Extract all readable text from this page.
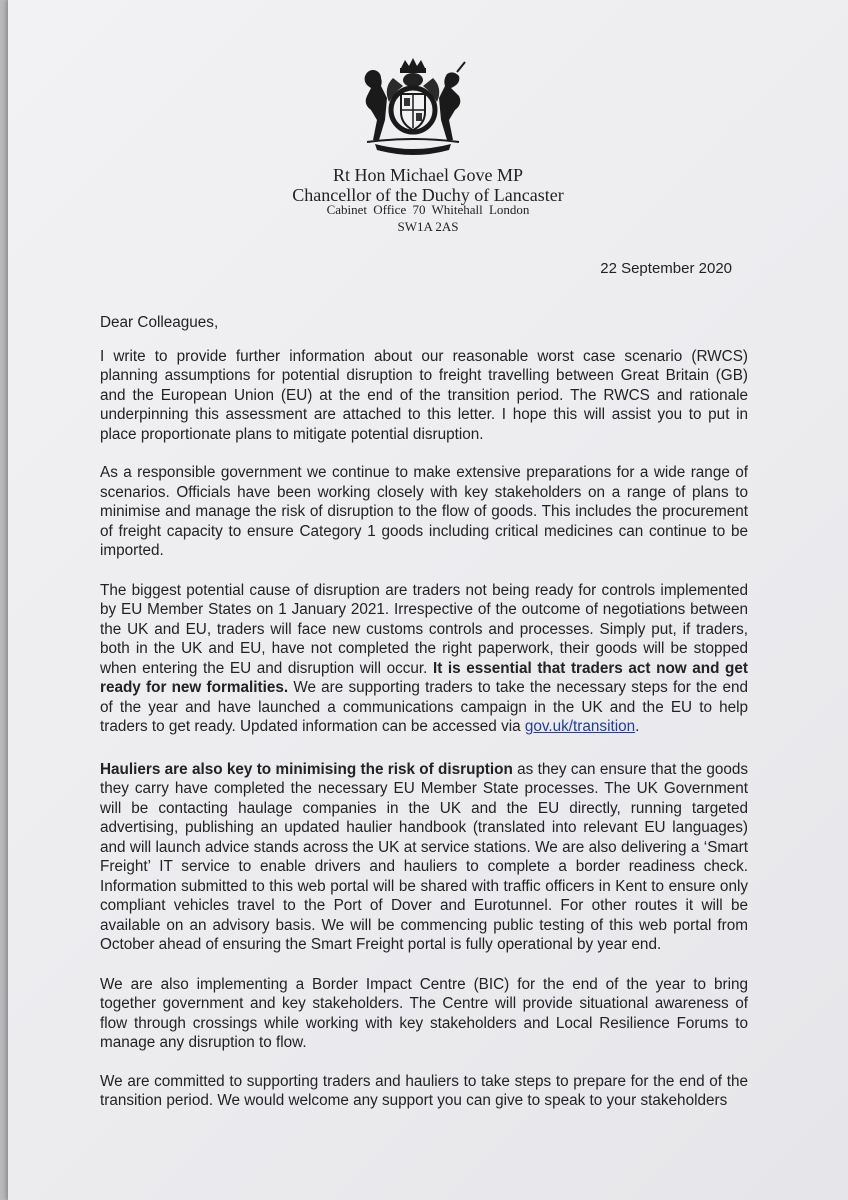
Rt Hon Michael Gove MP
Chancellor of the Duchy of Lancaster
Cabinet Office 70 Whitehall London
SW1A 2AS
22 September 2020

Dear Colleagues,

I write to provide further information about our reasonable worst case scenario (RWCS) planning assumptions for potential disruption to freight travelling between Great Britain (GB) and the European Union (EU) at the end of the transition period. The RWCS and rationale underpinning this assessment are attached to this letter. I hope this will assist you to put in place proportionate plans to mitigate potential disruption.

As a responsible government we continue to make extensive preparations for a wide range of scenarios. Officials have been working closely with key stakeholders on a range of plans to minimise and manage the risk of disruption to the flow of goods. This includes the procurement of freight capacity to ensure Category 1 goods including critical medicines can continue to be imported.

The biggest potential cause of disruption are traders not being ready for controls implemented by EU Member States on 1 January 2021. Irrespective of the outcome of negotiations between the UK and EU, traders will face new customs controls and processes. Simply put, if traders, both in the UK and EU, have not completed the right paperwork, their goods will be stopped when entering the EU and disruption will occur. It is essential that traders act now and get ready for new formalities. We are supporting traders to take the necessary steps for the end of the year and have launched a communications campaign in the UK and the EU to help traders to get ready. Updated information can be accessed via gov.uk/transition.

Hauliers are also key to minimising the risk of disruption as they can ensure that the goods they carry have completed the necessary EU Member State processes. The UK Government will be contacting haulage companies in the UK and the EU directly, running targeted advertising, publishing an updated haulier handbook (translated into relevant EU languages) and will launch advice stands across the UK at service stations. We are also delivering a ‘Smart Freight’ IT service to enable drivers and hauliers to complete a border readiness check. Information submitted to this web portal will be shared with traffic officers in Kent to ensure only compliant vehicles travel to the Port of Dover and Eurotunnel. For other routes it will be available on an advisory basis. We will be commencing public testing of this web portal from October ahead of ensuring the Smart Freight portal is fully operational by year end.

We are also implementing a Border Impact Centre (BIC) for the end of the year to bring together government and key stakeholders. The Centre will provide situational awareness of flow through crossings while working with key stakeholders and Local Resilience Forums to manage any disruption to flow.

We are committed to supporting traders and hauliers to take steps to prepare for the end of the transition period. We would welcome any support you can give to speak to your stakeholders
